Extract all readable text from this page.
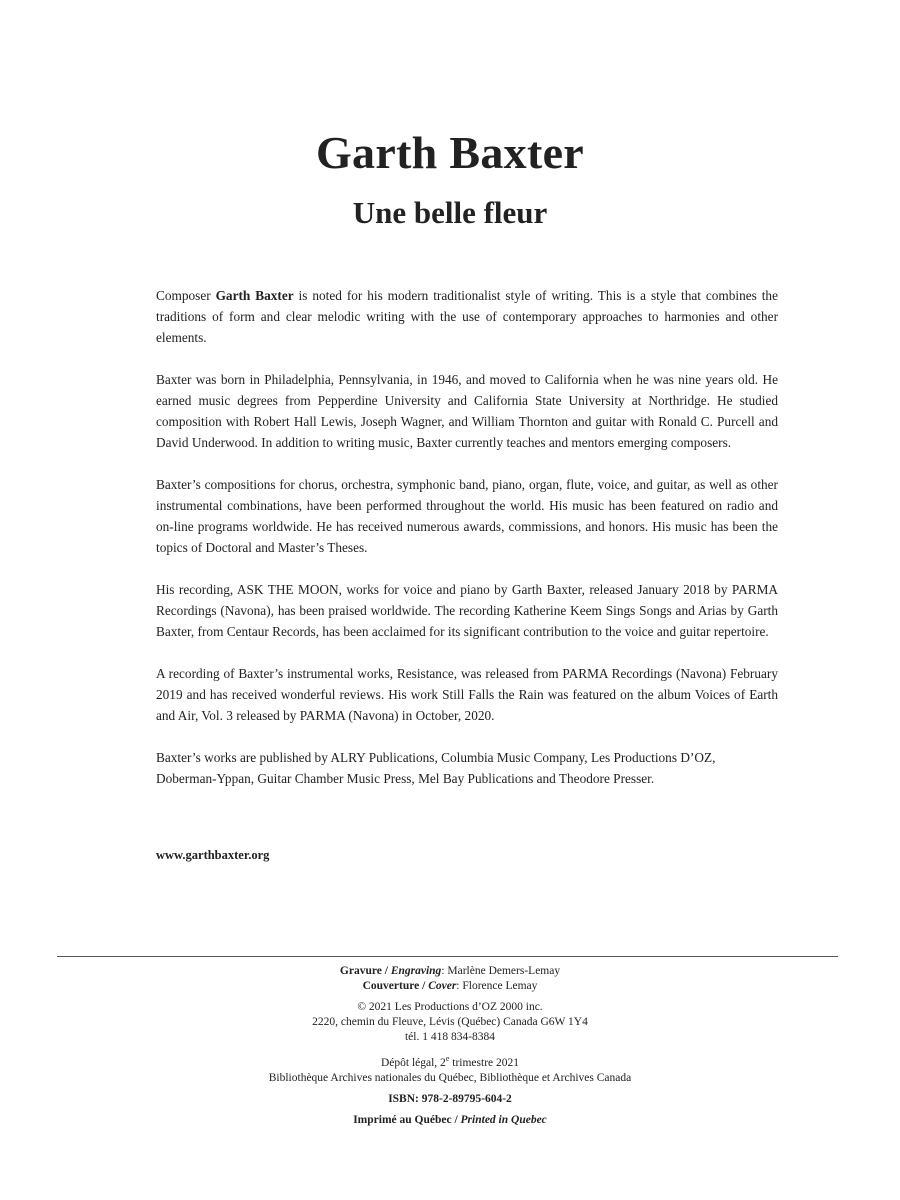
Garth Baxter
Une belle fleur

Composer Garth Baxter is noted for his modern traditionalist style of writing. This is a style that combines the traditions of form and clear melodic writing with the use of contemporary approaches to harmonies and other elements.

Baxter was born in Philadelphia, Pennsylvania, in 1946, and moved to California when he was nine years old. He earned music degrees from Pepperdine University and California State University at Northridge. He studied composition with Robert Hall Lewis, Joseph Wagner, and William Thornton and guitar with Ronald C. Purcell and David Underwood. In addition to writing music, Baxter currently teaches and mentors emerging composers.

Baxter’s compositions for chorus, orchestra, symphonic band, piano, organ, flute, voice, and guitar, as well as other instrumental combinations, have been performed throughout the world. His music has been featured on radio and on-line programs worldwide. He has received numerous awards, commissions, and honors. His music has been the topics of Doctoral and Master’s Theses.

His recording, ASK THE MOON, works for voice and piano by Garth Baxter, released January 2018 by PARMA Recordings (Navona), has been praised worldwide. The recording Katherine Keem Sings Songs and Arias by Garth Baxter, from Centaur Records, has been acclaimed for its significant contribution to the voice and guitar repertoire.

A recording of Baxter’s instrumental works, Resistance, was released from PARMA Recordings (Navona) February 2019 and has received wonderful reviews. His work Still Falls the Rain was featured on the album Voices of Earth and Air, Vol. 3 released by PARMA (Navona) in October, 2020.

Baxter’s works are published by ALRY Publications, Columbia Music Company, Les Productions D’OZ, Doberman-Yppan, Guitar Chamber Music Press, Mel Bay Publications and Theodore Presser.

www.garthbaxter.org
Gravure / Engraving: Marlène Demers-Lemay
Couverture / Cover: Florence Lemay
© 2021 Les Productions d’OZ 2000 inc.
2220, chemin du Fleuve, Lévis (Québec) Canada G6W 1Y4
tél. 1 418 834-8384
Dépôt légal, 2e trimestre 2021
Bibliothèque Archives nationales du Québec, Bibliothèque et Archives Canada
ISBN: 978-2-89795-604-2
Imprimé au Québec / Printed in Quebec
